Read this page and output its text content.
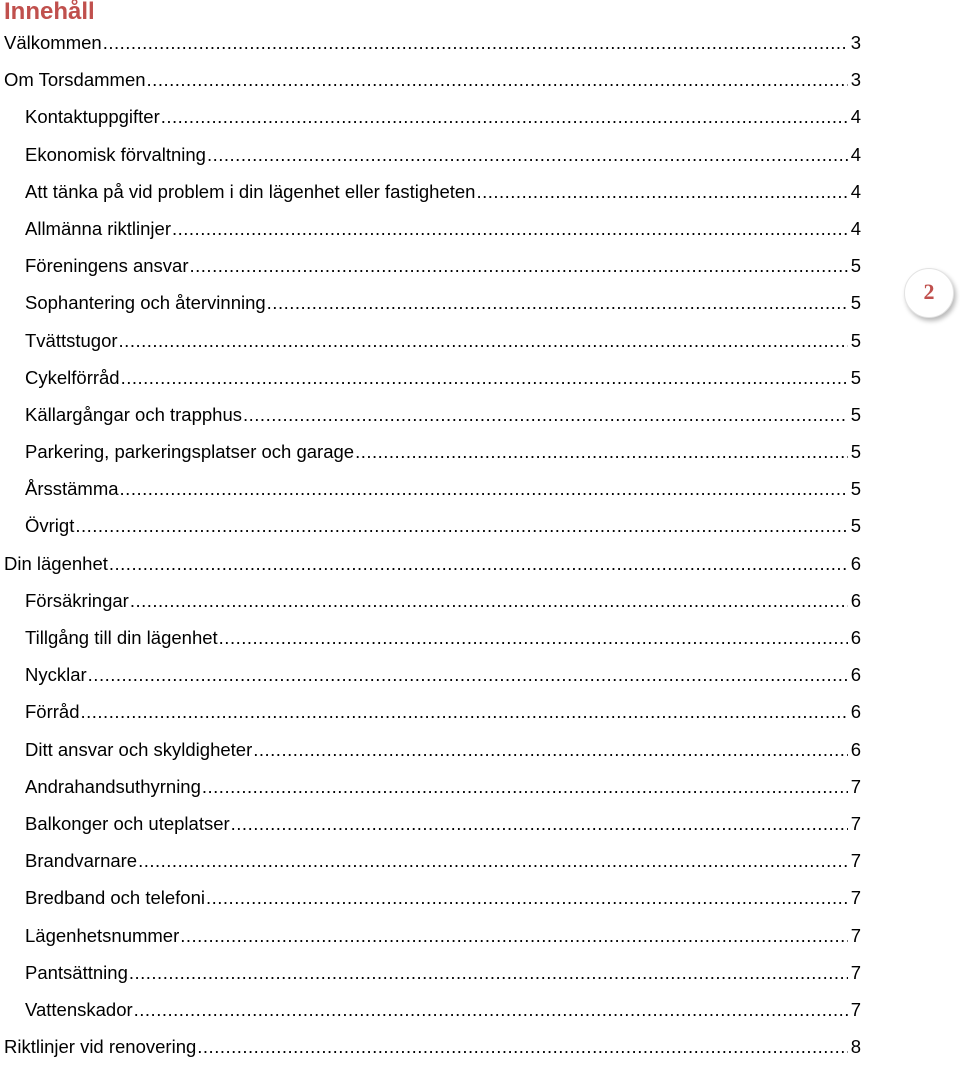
Innehåll
Välkommen .....	3
Om Torsdammen .....	3
Kontaktuppgifter .....	4
Ekonomisk förvaltning .....	4
Att tänka på vid problem i din lägenhet eller fastigheten .....	4
Allmänna riktlinjer .....	4
Föreningens ansvar .....	5
Sophantering och återvinning .....	5
Tvättstugor .....	5
Cykelförråd .....	5
Källargångar och trapphus .....	5
Parkering, parkeringsplatser och garage .....	5
Årsstämma .....	5
Övrigt .....	5
Din lägenhet .....	6
Försäkringar .....	6
Tillgång till din lägenhet .....	6
Nycklar .....	6
Förråd .....	6
Ditt ansvar och skyldigheter .....	6
Andrahandsuthyrning .....	7
Balkonger och uteplatser .....	7
Brandvarnare .....	7
Bredband och telefoni .....	7
Lägenhetsnummer .....	7
Pantsättning .....	7
Vattenskador .....	7
Riktlinjer vid renovering .....	8
2
